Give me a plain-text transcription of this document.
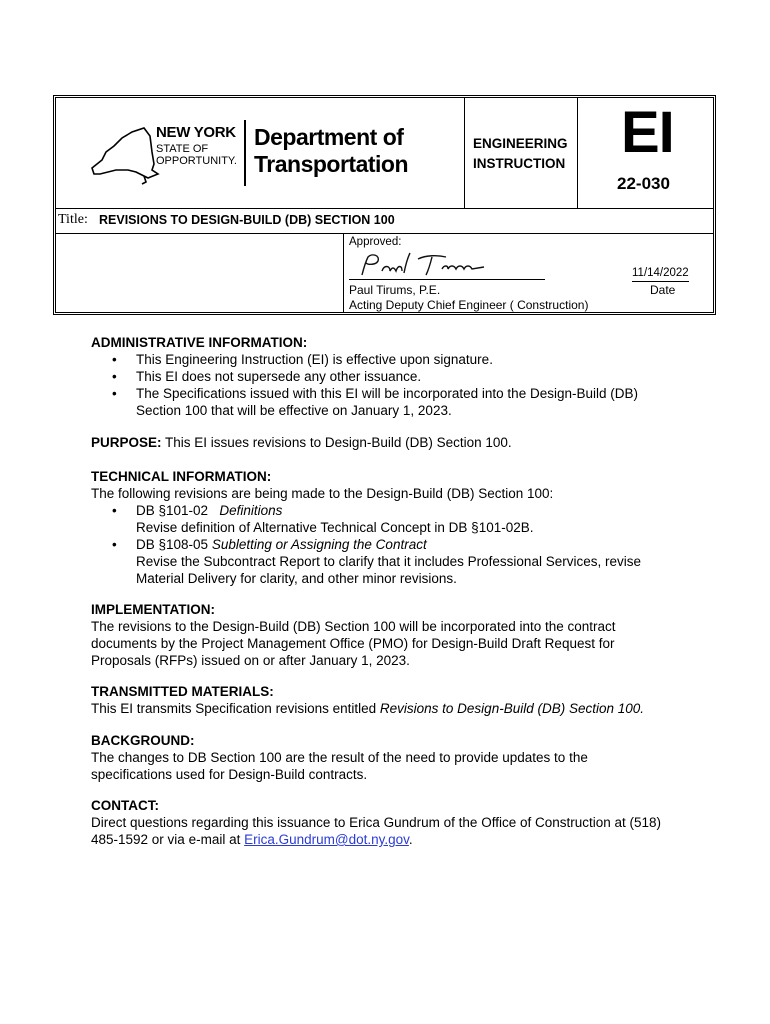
NEW YORK
STATE OF
OPPORTUNITY.
Department of
Transportation
ENGINEERING
INSTRUCTION EI
22-030
Title: REVISIONS TO DESIGN-BUILD (DB) SECTION 100
Approved:
Paul Tirums, P.E.
Acting Deputy Chief Engineer ( Construction)
11/14/2022
Date
ADMINISTRATIVE INFORMATION:
• This Engineering Instruction (EI) is effective upon signature.
• This EI does not supersede any other issuance.
• The Specifications issued with this EI will be incorporated into the Design-Build (DB)
Section 100 that will be effective on January 1, 2023.
PURPOSE: This EI issues revisions to Design-Build (DB) Section 100.
TECHNICAL INFORMATION:
The following revisions are being made to the Design-Build (DB) Section 100:
• DB §101-02 Definitions
Revise definition of Alternative Technical Concept in DB §101-02B.
• DB §108-05 Subletting or Assigning the Contract
Revise the Subcontract Report to clarify that it includes Professional Services, revise
Material Delivery for clarity, and other minor revisions.
IMPLEMENTATION:
The revisions to the Design-Build (DB) Section 100 will be incorporated into the contract
documents by the Project Management Office (PMO) for Design-Build Draft Request for
Proposals (RFPs) issued on or after January 1, 2023.
TRANSMITTED MATERIALS:
This EI transmits Specification revisions entitled Revisions to Design-Build (DB) Section 100.
BACKGROUND:
The changes to DB Section 100 are the result of the need to provide updates to the
specifications used for Design-Build contracts.
CONTACT:
Direct questions regarding this issuance to Erica Gundrum of the Office of Construction at (518)
485-1592 or via e-mail at Erica.Gundrum@dot.ny.gov.
